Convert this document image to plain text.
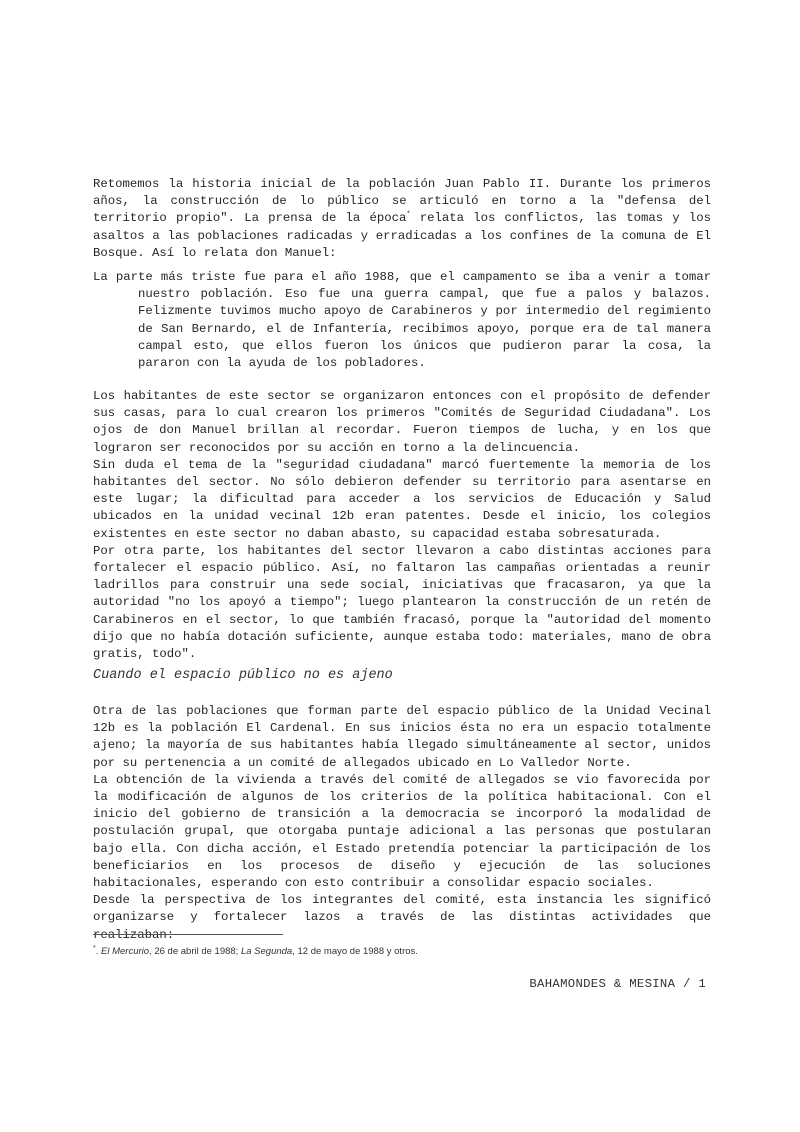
Retomemos la historia inicial de la población Juan Pablo II. Durante los primeros años, la construcción de lo público se articuló en torno a la "defensa del territorio propio". La prensa de la época* relata los conflictos, las tomas y los asaltos a las poblaciones radicadas y erradicadas a los confines de la comuna de El Bosque. Así lo relata don Manuel:

La parte más triste fue para el año 1988, que el campamento se iba a venir a tomar nuestro población. Eso fue una guerra campal, que fue a palos y balazos. Felizmente tuvimos mucho apoyo de Carabineros y por intermedio del regimiento de San Bernardo, el de Infantería, recibimos apoyo, porque era de tal manera campal esto, que ellos fueron los únicos que pudieron parar la cosa, la pararon con la ayuda de los pobladores.

Los habitantes de este sector se organizaron entonces con el propósito de defender sus casas, para lo cual crearon los primeros "Comités de Seguridad Ciudadana". Los ojos de don Manuel brillan al recordar. Fueron tiempos de lucha, y en los que lograron ser reconocidos por su acción en torno a la delincuencia.

Sin duda el tema de la "seguridad ciudadana" marcó fuertemente la memoria de los habitantes del sector. No sólo debieron defender su territorio para asentarse en este lugar; la dificultad para acceder a los servicios de Educación y Salud ubicados en la unidad vecinal 12b eran patentes. Desde el inicio, los colegios existentes en este sector no daban abasto, su capacidad estaba sobresaturada.

Por otra parte, los habitantes del sector llevaron a cabo distintas acciones para fortalecer el espacio público. Así, no faltaron las campañas orientadas a reunir ladrillos para construir una sede social, iniciativas que fracasaron, ya que la autoridad "no los apoyó a tiempo"; luego plantearon la construcción de un retén de Carabineros en el sector, lo que también fracasó, porque la "autoridad del momento dijo que no había dotación suficiente, aunque estaba todo: materiales, mano de obra gratis, todo".

Cuando el espacio público no es ajeno

Otra de las poblaciones que forman parte del espacio público de la Unidad Vecinal 12b es la población El Cardenal. En sus inicios ésta no era un espacio totalmente ajeno; la mayoría de sus habitantes había llegado simultáneamente al sector, unidos por su pertenencia a un comité de allegados ubicado en Lo Valledor Norte.

La obtención de la vivienda a través del comité de allegados se vio favorecida por la modificación de algunos de los criterios de la política habitacional. Con el inicio del gobierno de transición a la democracia se incorporó la modalidad de postulación grupal, que otorgaba puntaje adicional a las personas que postularan bajo ella. Con dicha acción, el Estado pretendía potenciar la participación de los beneficiarios en los procesos de diseño y ejecución de las soluciones habitacionales, esperando con esto contribuir a consolidar espacio sociales.

Desde la perspectiva de los integrantes del comité, esta instancia les significó organizarse y fortalecer lazos a través de las distintas actividades que realizaban:

*. El Mercurio, 26 de abril de 1988; La Segunda, 12 de mayo de 1988 y otros.
BAHAMONDES & MESINA / 1
